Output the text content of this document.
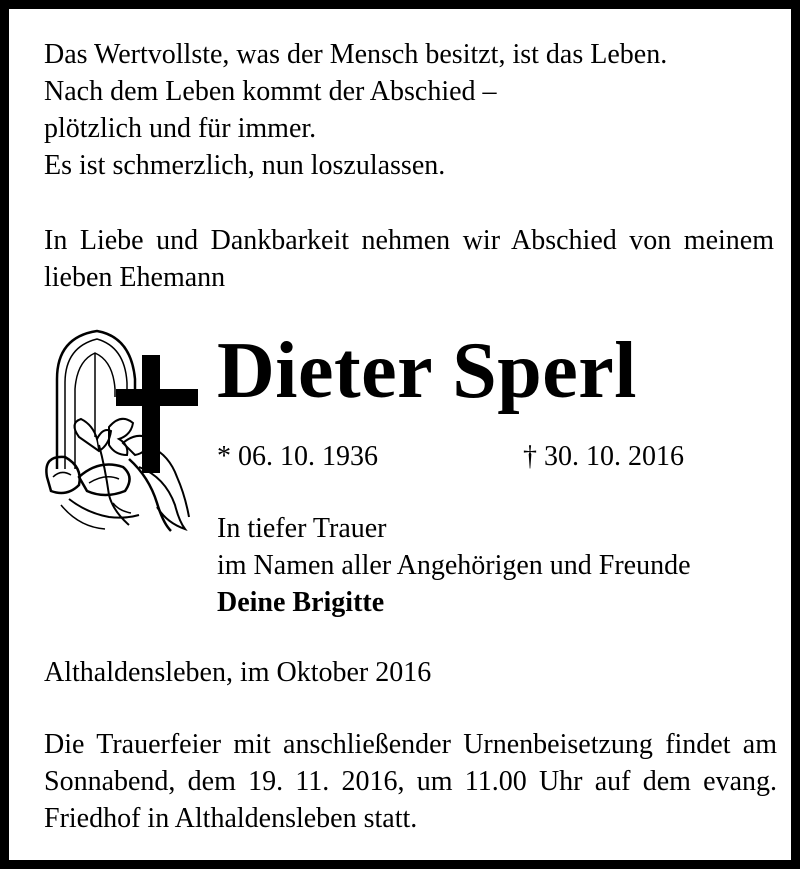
Das Wertvollste, was der Mensch besitzt, ist das Leben.
Nach dem Leben kommt der Abschied –
plötzlich und für immer.
Es ist schmerzlich, nun loszulassen.
In Liebe und Dankbarkeit nehmen wir Abschied von meinem lieben Ehemann
Dieter Sperl
* 06. 10. 1936	† 30. 10. 2016
In tiefer Trauer
im Namen aller Angehörigen und Freunde
Deine Brigitte
Althaldensleben, im Oktober 2016
Die Trauerfeier mit anschließender Urnenbeisetzung findet am Sonnabend, dem 19. 11. 2016, um 11.00 Uhr auf dem evang. Friedhof in Althaldensleben statt.
